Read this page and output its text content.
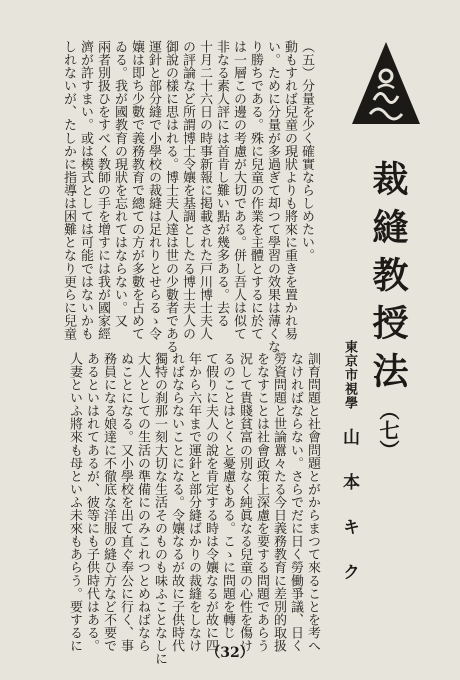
裁縫教授法
（七）
東京市視學
山本キク
（五）分量を少く確實ならしめたい。
動もすれば兒童の現狀よりも將來に重きを置かれ易
い。ために分量が多過ぎて却つて學習の效果は薄くな
り勝ちである。殊に兒童の作業を主體とするに於て
は一層この邊の考慮が大切である。併し吾人は似て
非なる素人評には首肯し難い點が幾多ある。去る
十月二十六日の時事新報に掲載された戸川博士夫人
の評論など所謂博士令孃を基調としたる博士夫人の
御說の樣に思はれる。博士夫人達は世の少數者である
運針と部分縫で小學校の裁縫は足れりとせらるゝ令
孃は即ち少數で義務教育で總ての方が多數を占めて
ゐる。我が國教育の現狀を忘れてはならない。又
兩者別扱ひをすべく教師の手を增すには我が國家經
濟が許すまい。或は模式としては可能ではないかも
しれないが、たしかに指導は困難となり更らに兒童
訓育問題と社會問題とがからまつて來ることを考へ
なければならない。さらでだに日く勞働爭議、日く
勞資問題と世論囂々たる今日義務教育に差別的取扱
をなすことは社會政策上深慮を要する問題であらう
況して貴賤貧富の別なく純眞なる兒童の心性を傷け
るのことはとくと憂慮もある。こゝに問題を轉じ
て假りに夫人の說を肯定する時は令孃なるが故に四
年から六年まで運針と部分縫ばかりの裁縫をしなけ
ればならないことになる。令孃なるが故に子供時代
獨特の刹那一刻大切な生活そのものも味ふことなしに
大人としての生活の準備にのみこれつとめねばなら
ぬことになる。又小學校を出て直ぐ奉公に行く、事
務員になる娘達に不徹底な洋服の縫ひ方など不要で
あるといはれてあるが、彼等にも子供時代はある。
人妻といふ將來も母といふ未來もあらう。要するに
（32）
